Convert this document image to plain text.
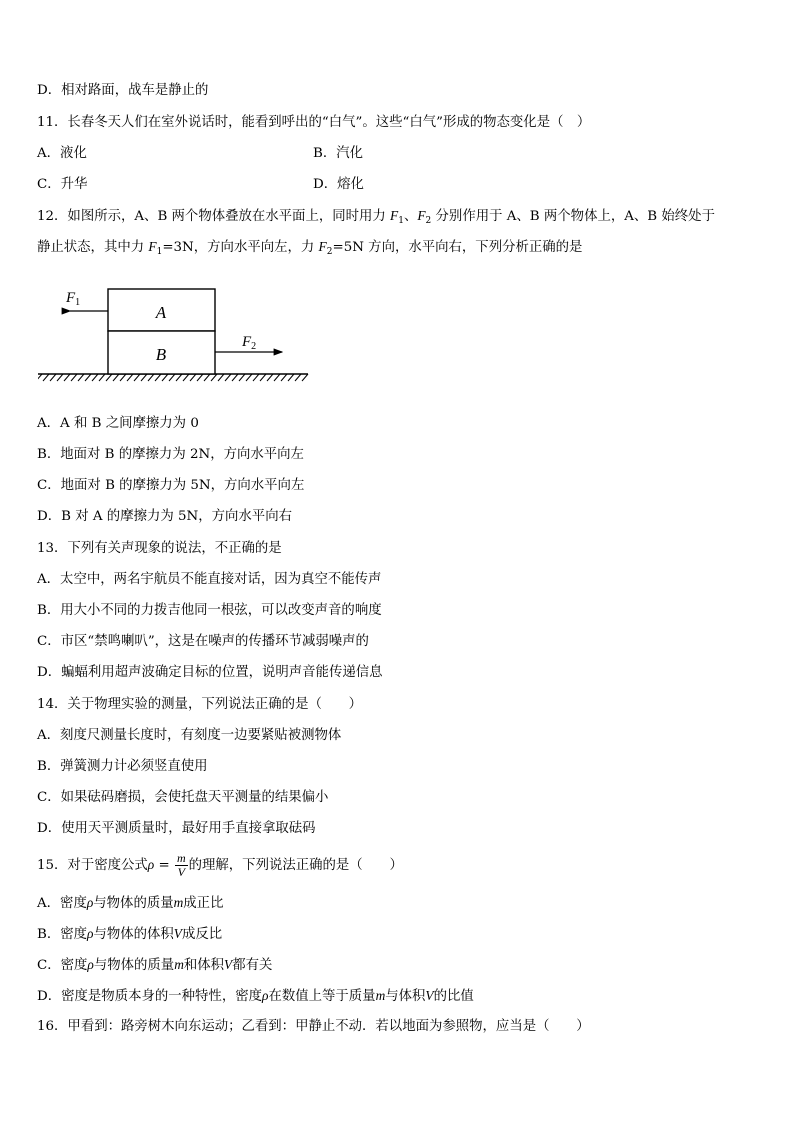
D．相对路面，战车是静止的
11．长春冬天人们在室外说话时，能看到呼出的“白气”。这些“白气”形成的物态变化是（　）
A．液化	B．汽化
C．升华	D．熔化
12．如图所示，A、B 两个物体叠放在水平面上，同时用力 $F_1$、$F_2$ 分别作用于 A、B 两个物体上，A、B 始终处于
静止状态，其中力 $F_1=3N$，方向水平向左，力 $F_2=5N$ 方向，水平向右，下列分析正确的是
A
B
$F_1$
$F_2$
A．A 和 B 之间摩擦力为 0
B．地面对 B 的摩擦力为 2N，方向水平向左
C．地面对 B 的摩擦力为 5N，方向水平向左
D．B 对 A 的摩擦力为 5N，方向水平向右
13．下列有关声现象的说法，不正确的是
A．太空中，两名宇航员不能直接对话，因为真空不能传声
B．用大小不同的力拨吉他同一根弦，可以改变声音的响度
C．市区“禁鸣喇叭”，这是在噪声的传播环节减弱噪声的
D．蝙蝠利用超声波确定目标的位置，说明声音能传递信息
14．关于物理实验的测量，下列说法正确的是（　　）
A．刻度尺测量长度时，有刻度一边要紧贴被测物体
B．弹簧测力计必须竖直使用
C．如果砝码磨损，会使托盘天平测量的结果偏小
D．使用天平测质量时，最好用手直接拿取砝码
15．对于密度公式$\rho = \frac{m}{V}$ 的理解，下列说法正确的是（　　）
A．密度ρ与物体的质量m成正比
B．密度ρ与物体的体积V成反比
C．密度ρ与物体的质量m和体积V都有关
D．密度是物质本身的一种特性，密度ρ在数值上等于质量m与体积V的比值
16．甲看到：路旁树木向东运动；乙看到：甲静止不动．若以地面为参照物，应当是（　　）
